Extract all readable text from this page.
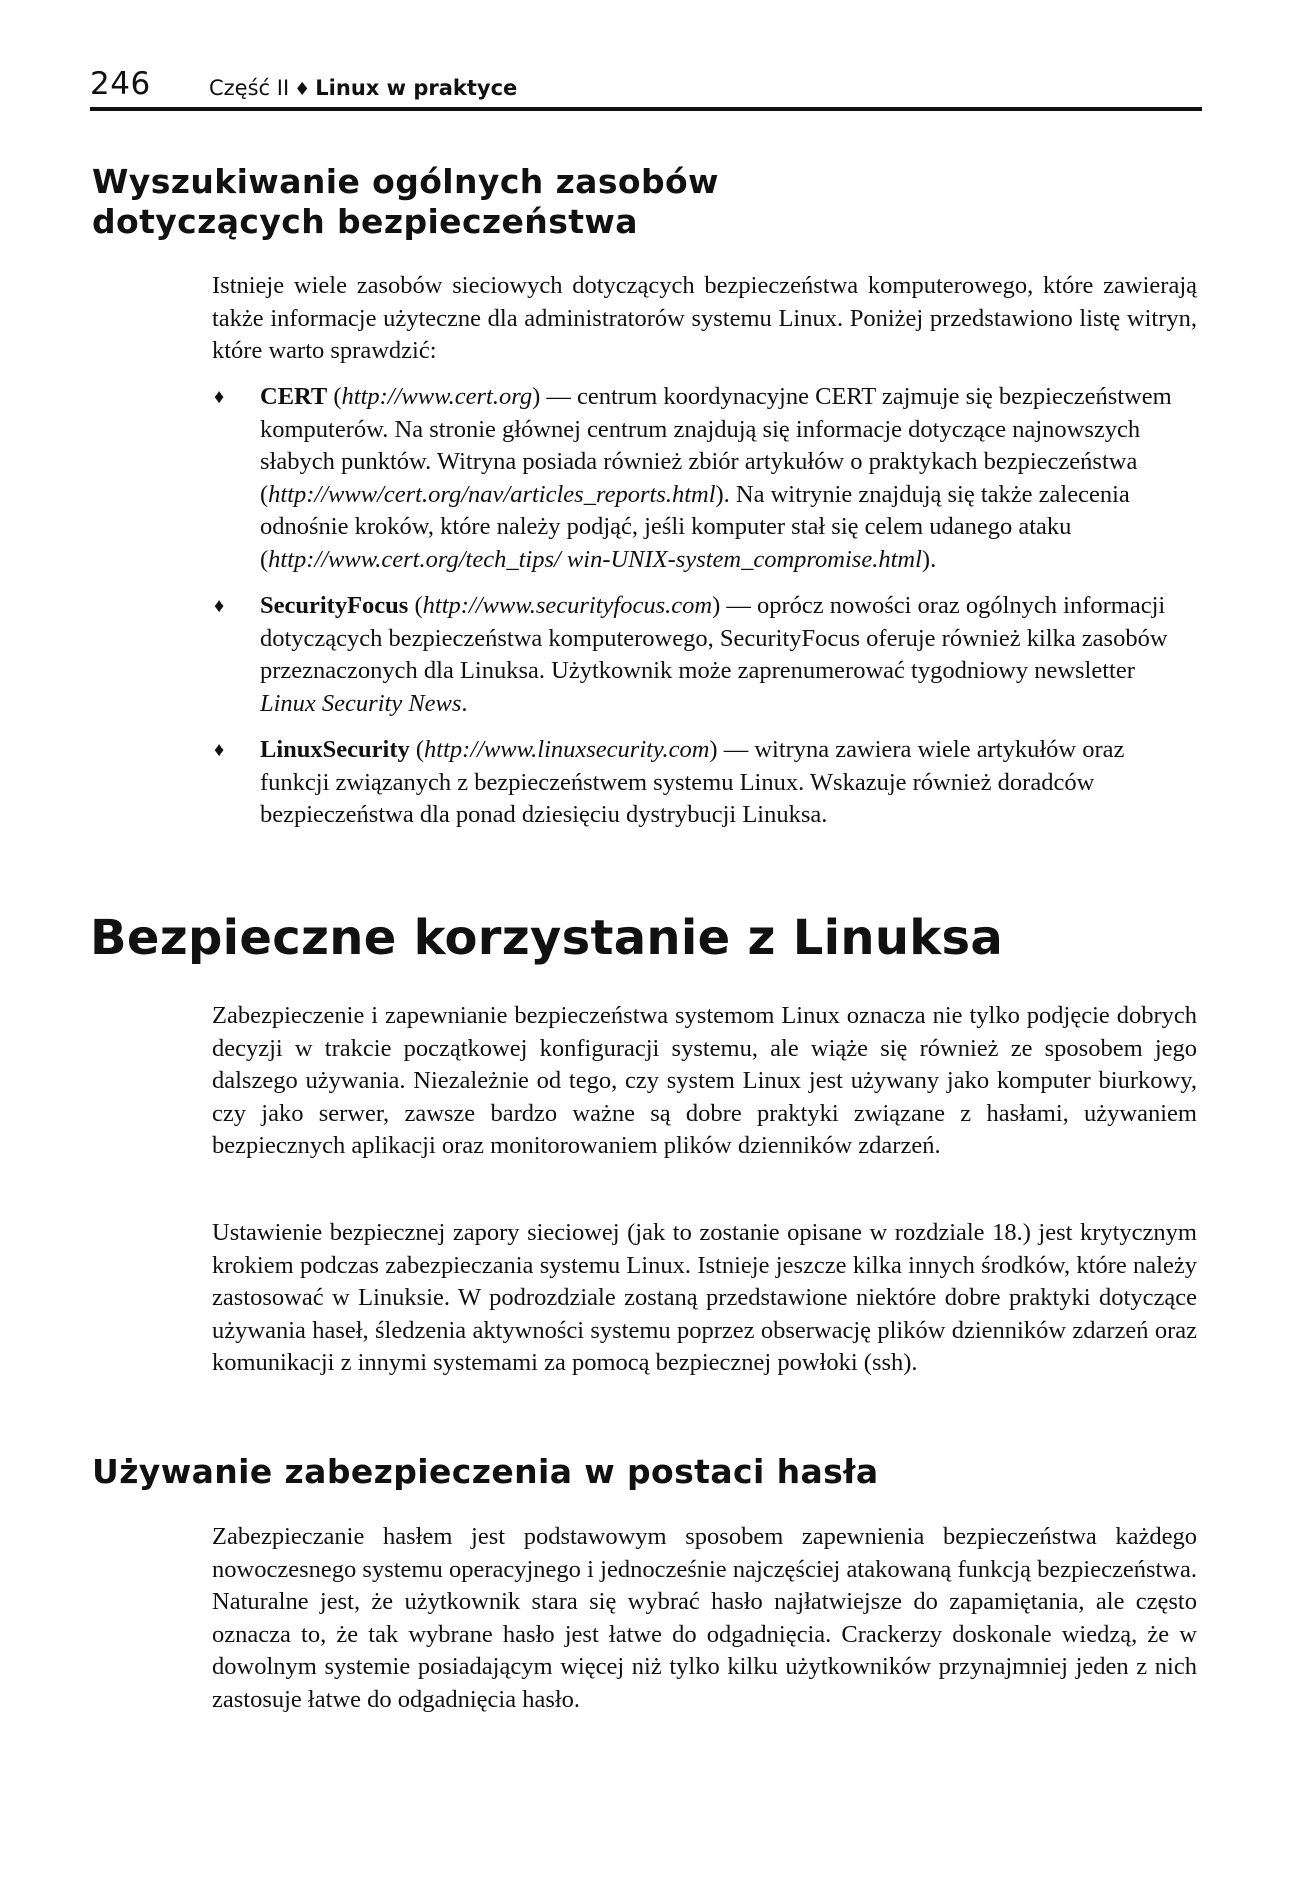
246	Część II ♦ Linux w praktyce
Wyszukiwanie ogólnych zasobów
dotyczących bezpieczeństwa

Istnieje wiele zasobów sieciowych dotyczących bezpieczeństwa komputerowego, które zawierają także informacje użyteczne dla administratorów systemu Linux. Poniżej przedstawiono listę witryn, które warto sprawdzić:

♦ CERT (http://www.cert.org) — centrum koordynacyjne CERT zajmuje się bezpieczeństwem komputerów. Na stronie głównej centrum znajdują się informacje dotyczące najnowszych słabych punktów. Witryna posiada również zbiór artykułów o praktykach bezpieczeństwa (http://www/cert.org/nav/articles_reports.html). Na witrynie znajdują się także zalecenia odnośnie kroków, które należy podjąć, jeśli komputer stał się celem udanego ataku (http://www.cert.org/tech_tips/ win-UNIX-system_compromise.html).
♦ SecurityFocus (http://www.securityfocus.com) — oprócz nowości oraz ogólnych informacji dotyczących bezpieczeństwa komputerowego, SecurityFocus oferuje również kilka zasobów przeznaczonych dla Linuksa. Użytkownik może zaprenumerować tygodniowy newsletter Linux Security News.
♦ LinuxSecurity (http://www.linuxsecurity.com) — witryna zawiera wiele artykułów oraz funkcji związanych z bezpieczeństwem systemu Linux. Wskazuje również doradców bezpieczeństwa dla ponad dziesięciu dystrybucji Linuksa.
Bezpieczne korzystanie z Linuksa

Zabezpieczenie i zapewnianie bezpieczeństwa systemom Linux oznacza nie tylko podjęcie dobrych decyzji w trakcie początkowej konfiguracji systemu, ale wiąże się również ze sposobem jego dalszego używania. Niezależnie od tego, czy system Linux jest używany jako komputer biurkowy, czy jako serwer, zawsze bardzo ważne są dobre praktyki związane z hasłami, używaniem bezpiecznych aplikacji oraz monitorowaniem plików dzienników zdarzeń.

Ustawienie bezpiecznej zapory sieciowej (jak to zostanie opisane w rozdziale 18.) jest krytycznym krokiem podczas zabezpieczania systemu Linux. Istnieje jeszcze kilka innych środków, które należy zastosować w Linuksie. W podrozdziale zostaną przedstawione niektóre dobre praktyki dotyczące używania haseł, śledzenia aktywności systemu poprzez obserwację plików dzienników zdarzeń oraz komunikacji z innymi systemami za pomocą bezpiecznej powłoki (ssh).

Używanie zabezpieczenia w postaci hasła

Zabezpieczanie hasłem jest podstawowym sposobem zapewnienia bezpieczeństwa każdego nowoczesnego systemu operacyjnego i jednocześnie najczęściej atakowaną funkcją bezpieczeństwa. Naturalne jest, że użytkownik stara się wybrać hasło najłatwiejsze do zapamiętania, ale często oznacza to, że tak wybrane hasło jest łatwe do odgadnięcia. Crackerzy doskonale wiedzą, że w dowolnym systemie posiadającym więcej niż tylko kilku użytkowników przynajmniej jeden z nich zastosuje łatwe do odgadnięcia hasło.
